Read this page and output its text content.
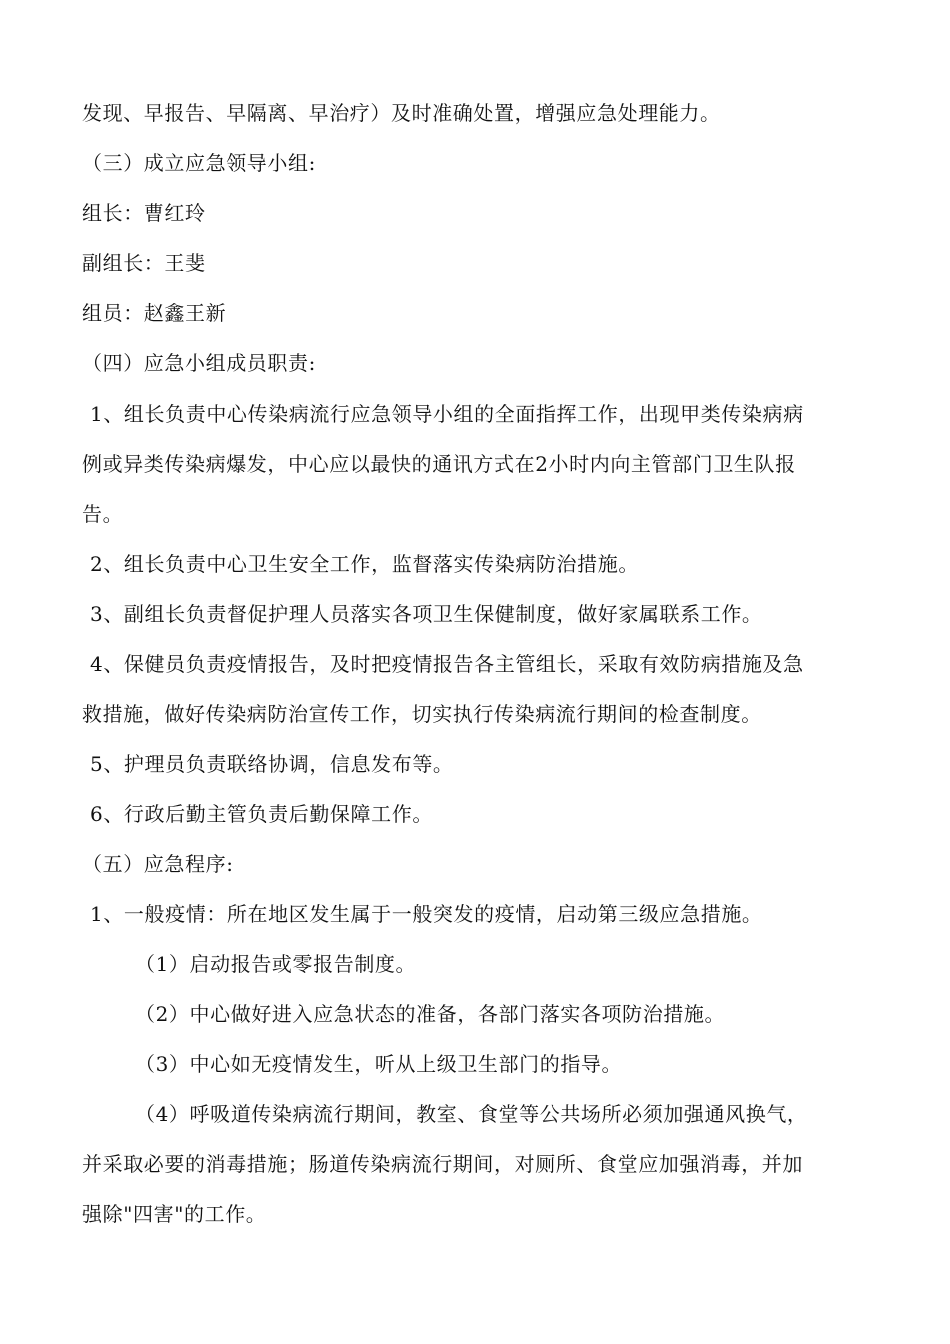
发现、早报告、早隔离、早治疗）及时准确处置，增强应急处理能力。
（三）成立应急领导小组:
组长：曹红玲
副组长：王斐
组员：赵鑫王新
（四）应急小组成员职责:
1、组长负责中心传染病流行应急领导小组的全面指挥工作，出现甲类传染病病
例或异类传染病爆发，中心应以最快的通讯方式在2小时内向主管部门卫生队报
告。
2、组长负责中心卫生安全工作，监督落实传染病防治措施。
3、副组长负责督促护理人员落实各项卫生保健制度，做好家属联系工作。
4、保健员负责疫情报告，及时把疫情报告各主管组长，采取有效防病措施及急
救措施，做好传染病防治宣传工作，切实执行传染病流行期间的检查制度。
5、护理员负责联络协调，信息发布等。
6、行政后勤主管负责后勤保障工作。
（五）应急程序:
1、一般疫情：所在地区发生属于一般突发的疫情，启动第三级应急措施。
（1）启动报告或零报告制度。
（2）中心做好进入应急状态的准备，各部门落实各项防治措施。
（3）中心如无疫情发生，听从上级卫生部门的指导。
（4）呼吸道传染病流行期间，教室、食堂等公共场所必须加强通风换气，
并采取必要的消毒措施；肠道传染病流行期间，对厕所、食堂应加强消毒，并加
强除"四害"的工作。
